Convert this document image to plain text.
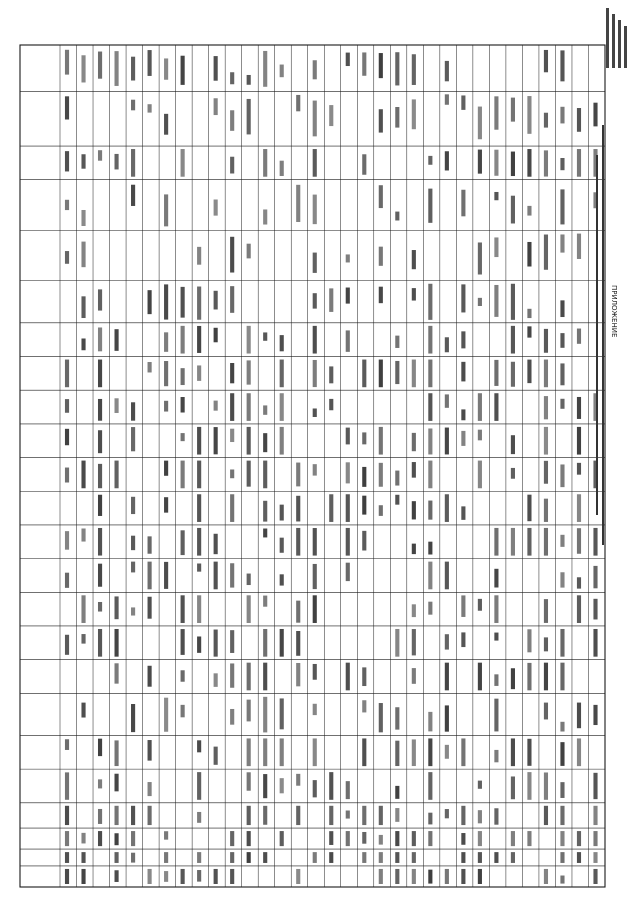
ПРИЛОЖЕНИЕ
